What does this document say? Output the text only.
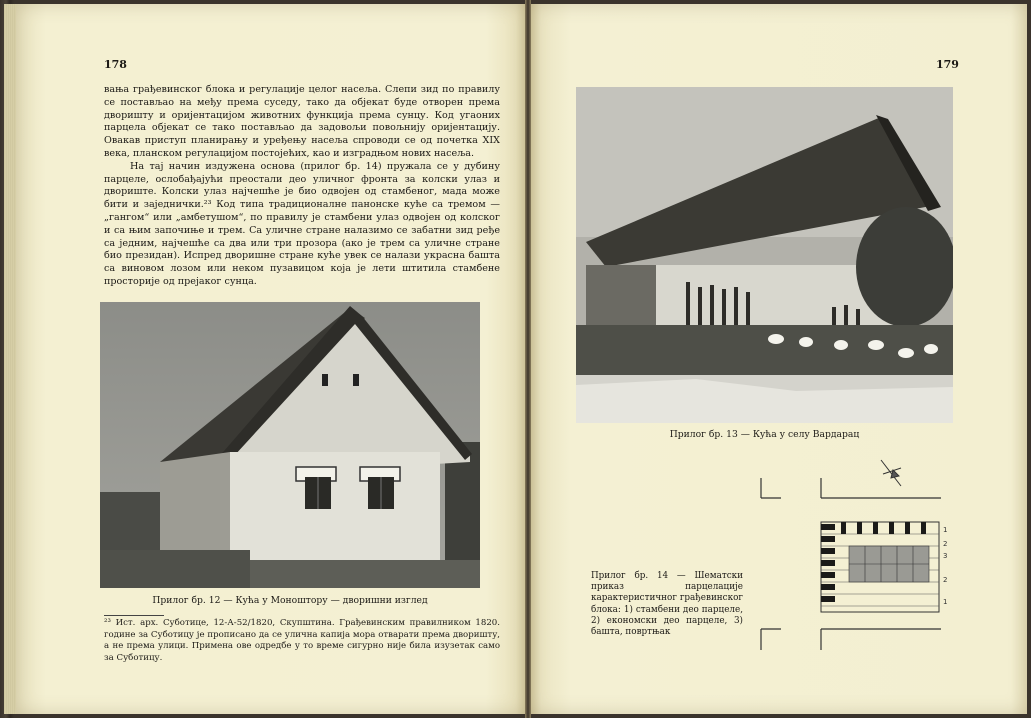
178

вања грађевинског блока и регулације целог насеља. Слепи зид по правилу се постављао на међу према суседу, тако да објекат буде отворен према дворишту и оријентацијом животних функција према сунцу. Код угаоних парцела објекат се тако постављао да задовољи повољнију оријентацију. Овакав приступ планирању и уређењу насеља спроводи се од почетка XIX века, планском регулацијом постојећих, као и изградњом нових насеља.

На тај начин издужена основа (прилог бр. 14) пружала се у дубину парцеле, ослобађајући преостали део уличног фронта за колски улаз и двориште. Колски улаз најчешће је био одвојен од стамбеног, мада може бити и заједнички.²³ Код типа традиционалне панонске куће са тремом — „гангом“ или „амбетушом“, по правилу је стамбени улаз одвојен од колског и са њим започиње и трем. Са уличне стране налазимо се забатни зид ређе са једним, најчешће са два или три прозора (ако је трем са уличне стране био президан). Испред дворишне стране куће увек се налази украсна башта са виновом лозом или неком пузавицом која је лети штитила стамбене просторије од прејаког сунца.

Прилог бр. 12 — Кућа у Моноштору — дворишни изглед
²³ Ист. арх. Суботице, 12-А-52/1820, Скупштина. Грађевинским правилником 1820. године за Суботицу је прописано да се улична капија мора отварати према дворишту, а не према улици. Примена ове одредбе у то време сигурно није била изузетак само за Суботицу.
179
Прилог бр. 13 — Кућа у селу Вардарац
1
2
3
2
1
Прилог бр. 14 — Шематски приказ парцелације карактеристичног грађевинског блока: 1) стамбени део парцеле, 2) економски део парцеле, 3) башта, повртњак
